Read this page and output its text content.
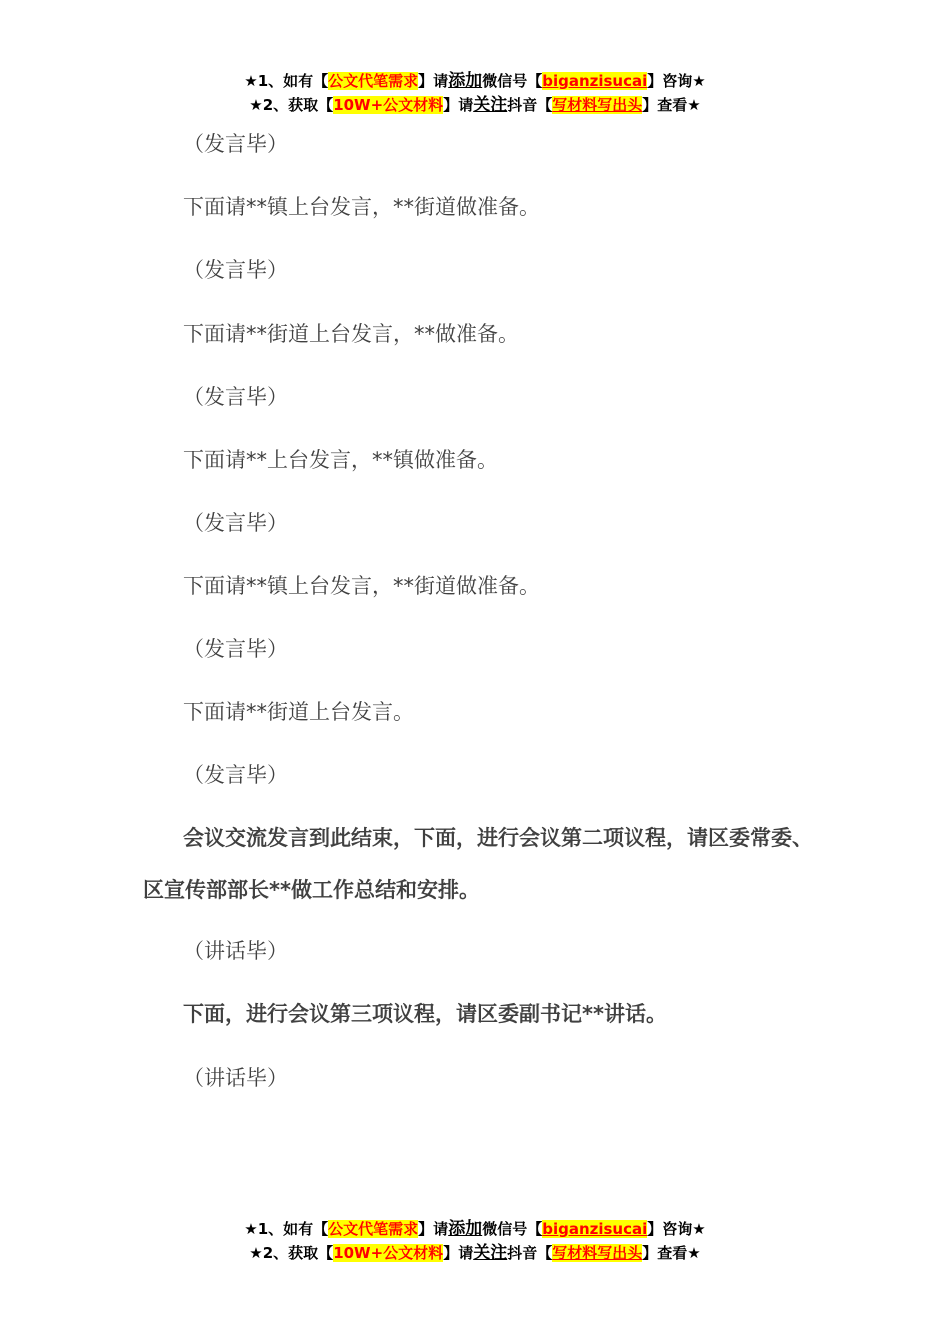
★1、如有【公文代笔需求】请添加微信号【biganzisucai】咨询★
★2、获取【10W+公文材料】请关注抖音【写材料写出头】查看★
（发言毕）
下面请**镇上台发言，**街道做准备。
（发言毕）
下面请**街道上台发言，**做准备。
（发言毕）
下面请**上台发言，**镇做准备。
（发言毕）
下面请**镇上台发言，**街道做准备。
（发言毕）
下面请**街道上台发言。
（发言毕）
会议交流发言到此结束，下面，进行会议第二项议程，请区委常委、区宣传部部长**做工作总结和安排。
（讲话毕）
下面，进行会议第三项议程，请区委副书记**讲话。
（讲话毕）
★1、如有【公文代笔需求】请添加微信号【biganzisucai】咨询★
★2、获取【10W+公文材料】请关注抖音【写材料写出头】查看★
